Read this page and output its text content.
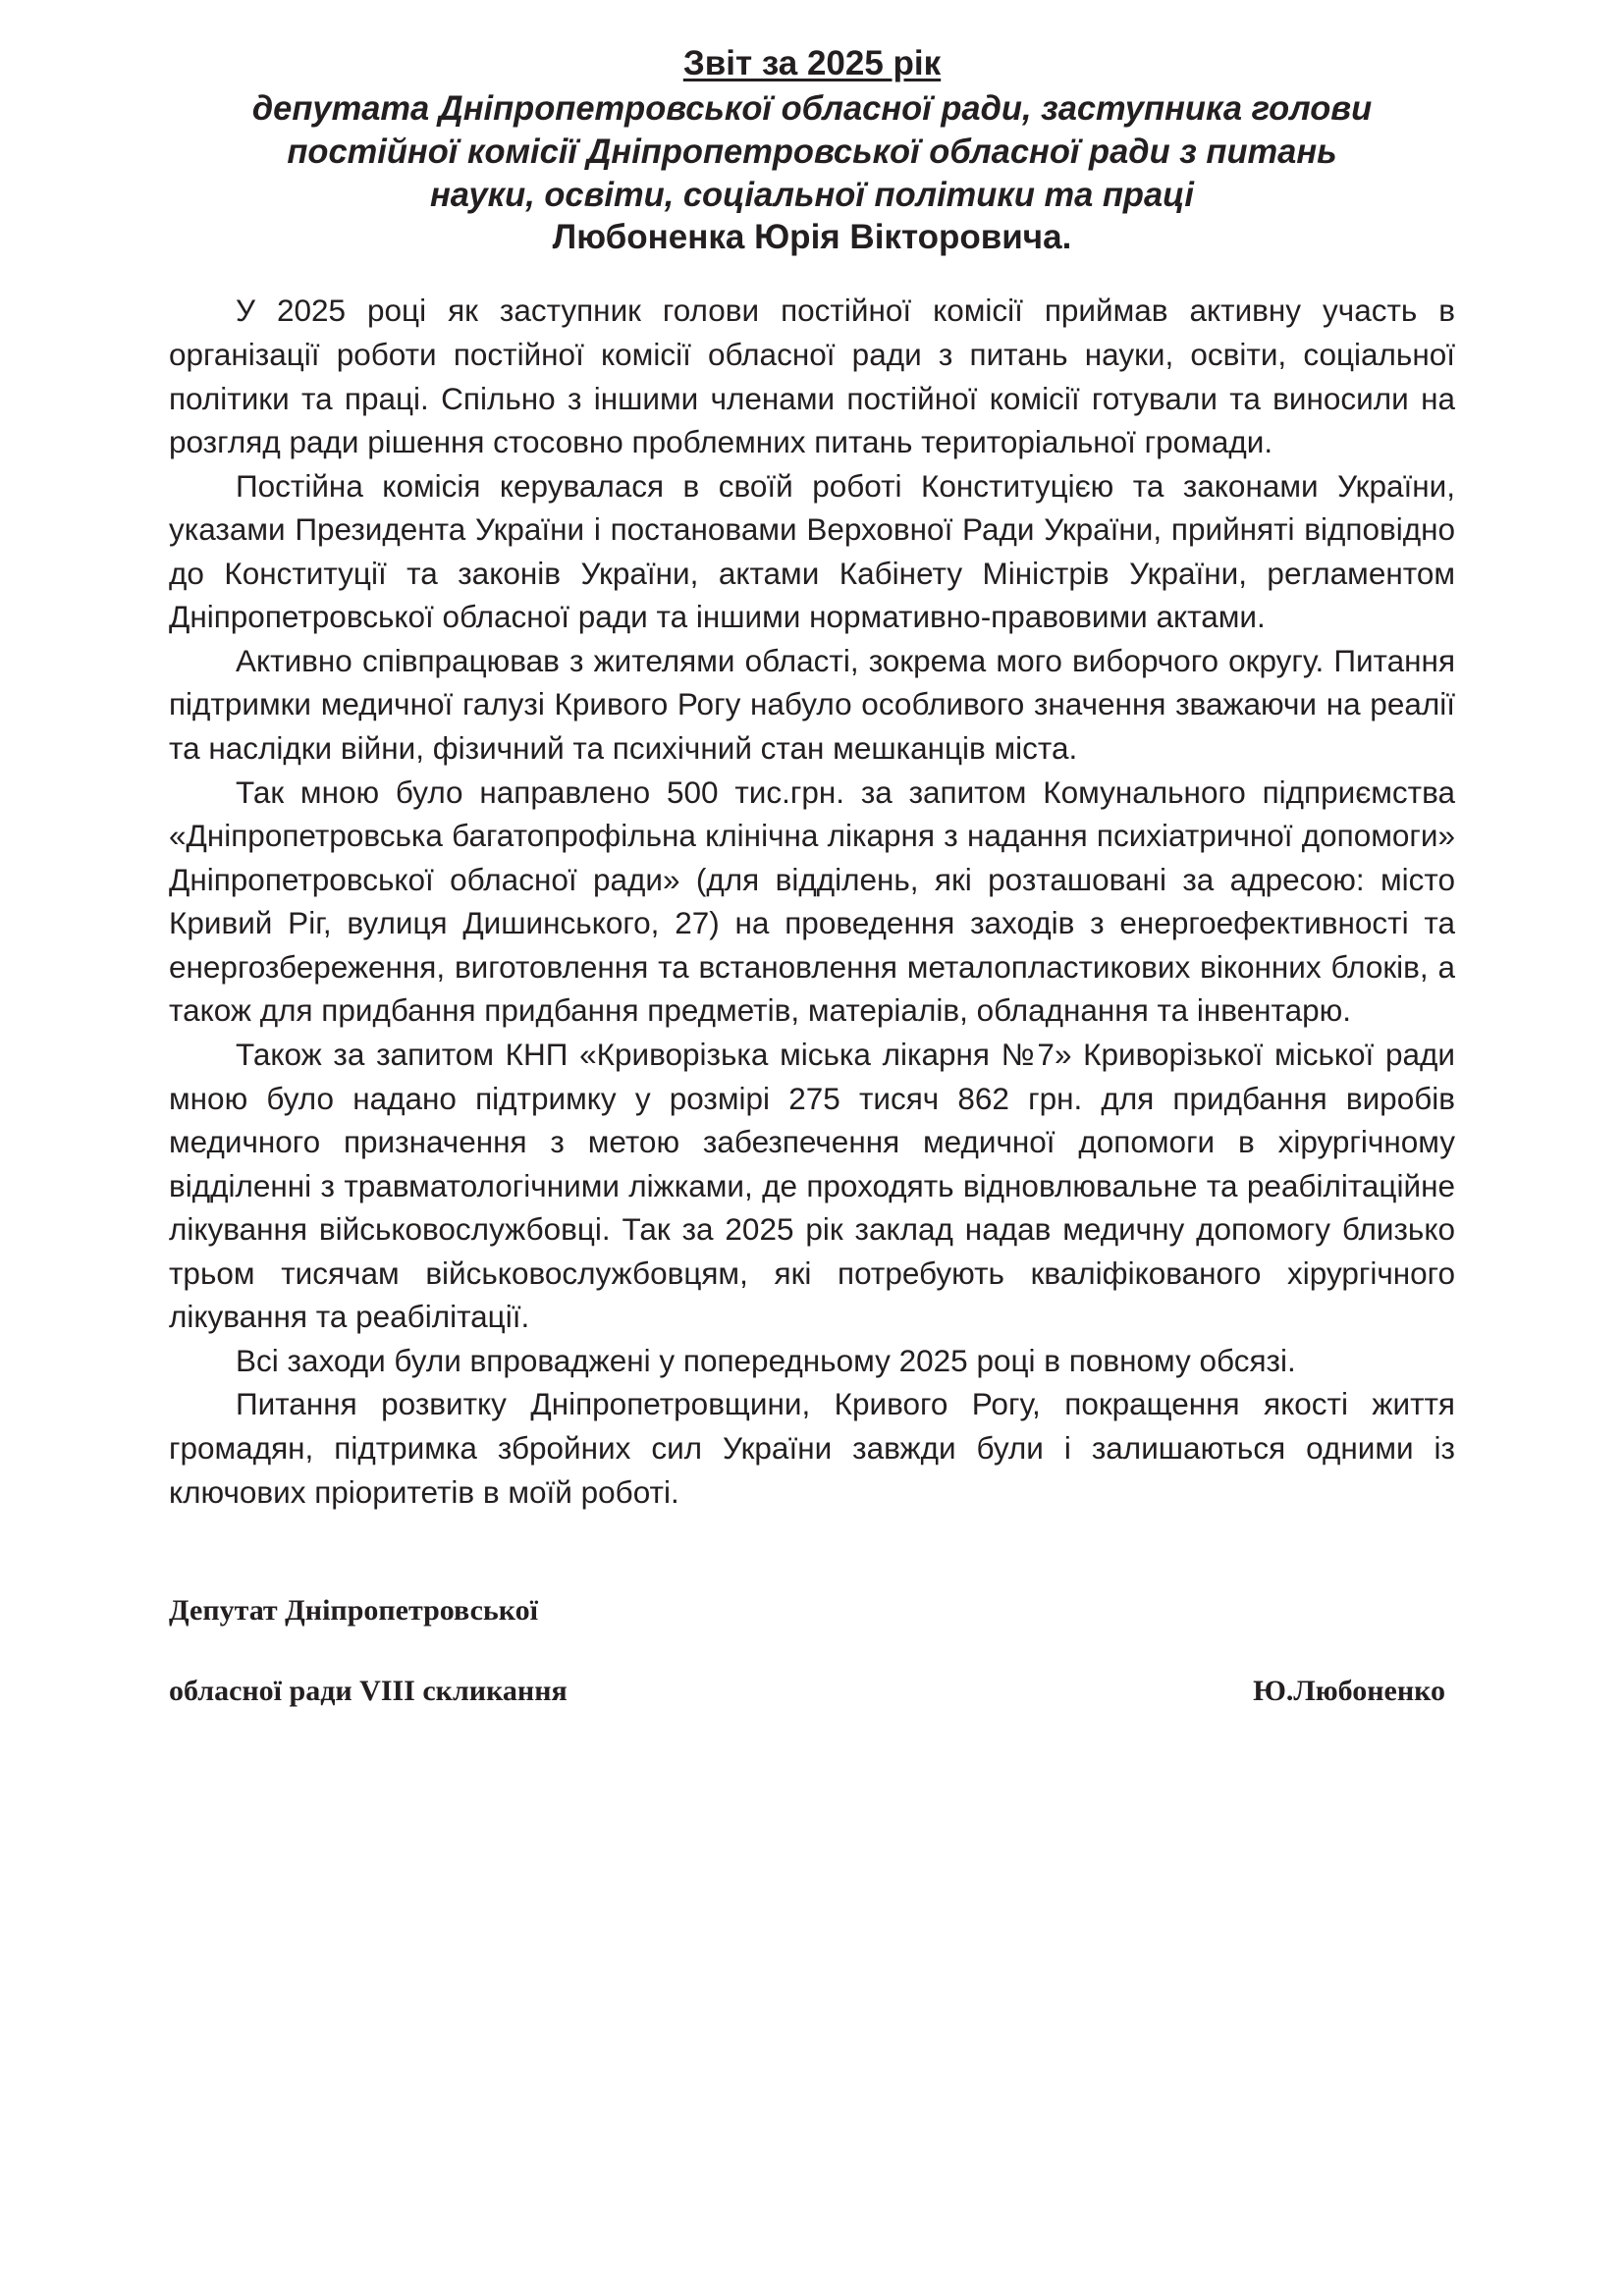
Звіт за 2025 рік
депутата Дніпропетровської обласної ради, заступника голови
постійної комісії Дніпропетровської обласної ради з питань
науки, освіти, соціальної політики та праці
Любоненка Юрія Вікторовича.

У 2025 році як заступник голови постійної комісії приймав активну участь в організації роботи постійної комісії обласної ради з питань науки, освіти, соціальної політики та праці. Спільно з іншими членами постійної комісії готували та виносили на розгляд ради рішення стосовно проблемних питань територіальної громади.

Постійна комісія керувалася в своїй роботі Конституцією та законами України, указами Президента України і постановами Верховної Ради України, прийняті відповідно до Конституції та законів України, актами Кабінету Міністрів України, регламентом Дніпропетровської обласної ради та іншими нормативно-правовими актами.

Активно співпрацював з жителями області, зокрема мого виборчого округу. Питання підтримки медичної галузі Кривого Рогу набуло особливого значення зважаючи на реалії та наслідки війни, фізичний та психічний стан мешканців міста.

Так мною було направлено 500 тис.грн. за запитом Комунального підприємства «Дніпропетровська багатопрофільна клінічна лікарня з надання психіатричної допомоги» Дніпропетровської обласної ради» (для відділень, які розташовані за адресою: місто Кривий Ріг, вулиця Дишинського, 27) на проведення заходів з енергоефективності та енергозбереження, виготовлення та встановлення металопластикових віконних блоків, а також для придбання придбання предметів, матеріалів, обладнання та інвентарю.

Також за запитом КНП «Криворізька міська лікарня №7» Криворізької міської ради мною було надано підтримку у розмірі 275 тисяч 862 грн. для придбання виробів медичного призначення з метою забезпечення медичної допомоги в хірургічному відділенні з травматологічними ліжками, де проходять відновлювальне та реабілітаційне лікування військовослужбовці. Так за 2025 рік заклад надав медичну допомогу близько трьом тисячам військовослужбовцям, які потребують кваліфікованого хірургічного лікування та реабілітації.

Всі заходи були впроваджені у попередньому 2025 році в повному обсязі.

Питання розвитку Дніпропетровщини, Кривого Рогу, покращення якості життя громадян, підтримка збройних сил України завжди були і залишаються одними із ключових пріоритетів в моїй роботі.

Депутат Дніпропетровської
обласної ради VIII скликання	Ю.Любоненко
